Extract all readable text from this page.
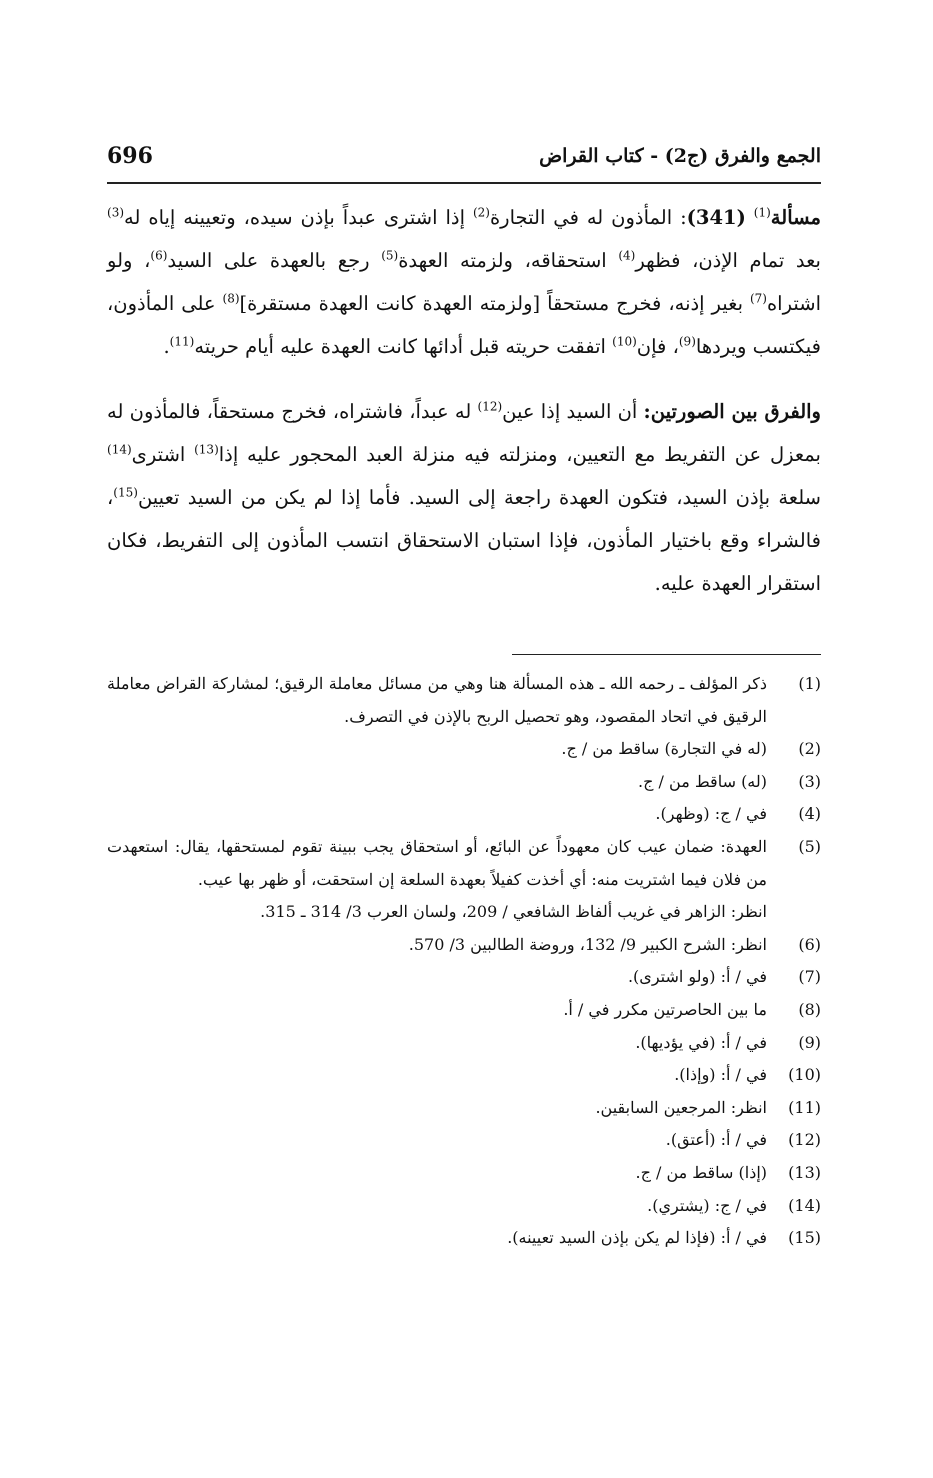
696	الجمع والفرق (ج2) - كتاب القراض

مسألة$^{(1)}$ (341): المأذون له في التجارة$^{(2)}$ إذا اشترى عبداً بإذن سيده، وتعيينه إياه له$^{(3)}$ بعد تمام الإذن، فظهر$^{(4)}$ استحقاقه، ولزمته العهدة$^{(5)}$ رجع بالعهدة على السيد$^{(6)}$، ولو اشتراه$^{(7)}$ بغير إذنه، فخرج مستحقاً [ولزمته العهدة كانت العهدة مستقرة]$^{(8)}$ على المأذون، فيكتسب ويردها$^{(9)}$، فإن$^{(10)}$ اتفقت حريته قبل أدائها كانت العهدة عليه أيام حريته$^{(11)}$.

والفرق بين الصورتين: أن السيد إذا عين$^{(12)}$ له عبداً، فاشتراه، فخرج مستحقاً، فالمأذون له بمعزل عن التفريط مع التعيين، ومنزلته فيه منزلة العبد المحجور عليه إذا$^{(13)}$ اشترى$^{(14)}$ سلعة بإذن السيد، فتكون العهدة راجعة إلى السيد. فأما إذا لم يكن من السيد تعيين$^{(15)}$، فالشراء وقع باختيار المأذون، فإذا استبان الاستحقاق انتسب المأذون إلى التفريط، فكان استقرار العهدة عليه.

(1)
ذكر المؤلف ـ رحمه الله ـ هذه المسألة هنا وهي من مسائل معاملة الرقيق؛ لمشاركة القراض معاملة الرقيق في اتحاد المقصود، وهو تحصيل الربح بالإذن في التصرف.
(2)
(له في التجارة) ساقط من / ج.
(3)
(له) ساقط من / ج.
(4)
في / ج: (وظهر).
(5)
العهدة: ضمان عيب كان معهوداً عن البائع، أو استحقاق يجب ببينة تقوم لمستحقها، يقال: استعهدت من فلان فيما اشتريت منه: أي أخذت كفيلاً بعهدة السلعة إن استحقت، أو ظهر بها عيب.
انظر: الزاهر في غريب ألفاظ الشافعي / 209، ولسان العرب 3/ 314 ـ 315.
(6)
انظر: الشرح الكبير 9/ 132، وروضة الطالبين 3/ 570.
(7)
في / أ: (ولو اشترى).
(8)
ما بين الحاصرتين مكرر في / أ.
(9)
في / أ: (في يؤديها).
(10)
في / أ: (وإذا).
(11)
انظر: المرجعين السابقين.
(12)
في / أ: (أعتق).
(13)
(إذا) ساقط من / ج.
(14)
في / ج: (يشتري).
(15)
في / أ: (فإذا لم يكن بإذن السيد تعيينه).
